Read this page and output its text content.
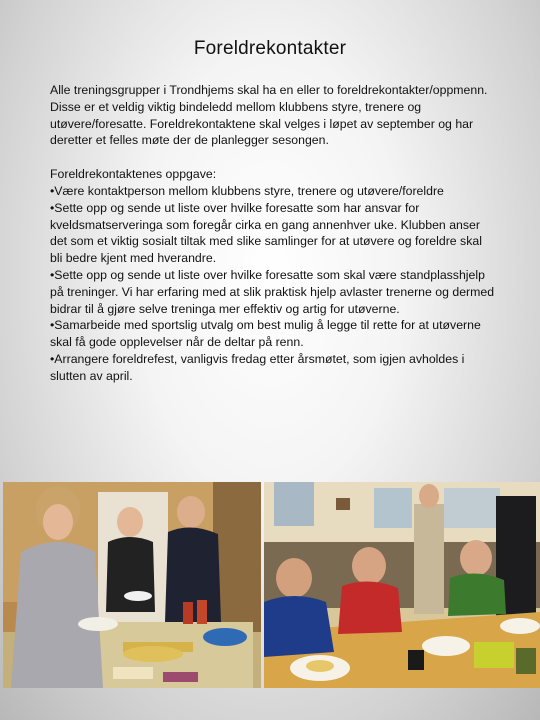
Foreldrekontakter

Alle treningsgrupper i Trondhjems skal ha en eller to foreldrekontakter/oppmenn. Disse er et veldig viktig bindeledd mellom klubbens styre, trenere og utøvere/foresatte. Foreldrekontaktene skal velges i løpet av september og har deretter et felles møte der de planlegger sesongen.

Foreldrekontaktenes oppgave:

•Være kontaktperson mellom klubbens styre, trenere og utøvere/foreldre

•Sette opp og sende ut liste over hvilke foresatte som har ansvar for kveldsmatserveringa som foregår cirka en gang annenhver uke. Klubben anser det som et viktig sosialt tiltak med slike samlinger for at utøvere og foreldre skal bli bedre kjent med hverandre.

•Sette opp og sende ut liste over hvilke foresatte som skal være standplasshjelp på treninger. Vi har erfaring med at slik praktisk hjelp avlaster trenerne og dermed bidrar til å gjøre selve treninga mer effektiv og artig for utøverne.

•Samarbeide med sportslig utvalg om best mulig å legge til rette for at utøverne skal få gode opplevelser når de deltar på renn.

•Arrangere foreldrefest, vanligvis fredag etter årsmøtet, som igjen avholdes i slutten av april.
